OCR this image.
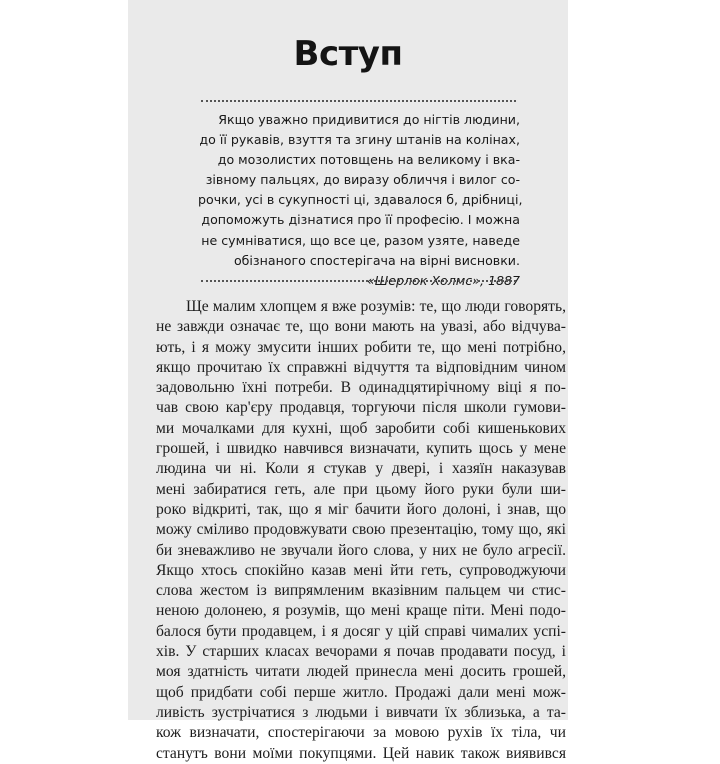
Вступ
Якщо уважно придивитися до нігтів людини,
до її рукавів, взуття та згину штанів на колінах,
до мозолистих потовщень на великому і вка-
зівному пальцях, до виразу обличчя і вилог со-
рочки, усі в сукупності ці, здавалося б, дрібниці,
допоможуть дізнатися про її професію. І можна
не сумніватися, що все це, разом узяте, наведе
обізнаного спостерігача на вірні висновки.
«Шерлок Холмс», 1887
Ще малим хлопцем я вже розумів: те, що люди говорять,
не завжди означає те, що вони мають на увазі, або відчува-
ють, і я можу змусити інших робити те, що мені потрібно,
якщо прочитаю їх справжні відчуття та відповідним чином
задовольню їхні потреби. В одинадцятирічному віці я по-
чав свою кар'єру продавця, торгуючи після школи гумови-
ми мочалками для кухні, щоб заробити собі кишенькових
грошей, і швидко навчився визначати, купить щось у мене
людина чи ні. Коли я стукав у двері, і хазяїн наказував
мені забиратися геть, але при цьому його руки були ши-
роко відкриті, так, що я міг бачити його долоні, і знав, що
можу сміливо продовжувати свою презентацію, тому що, які
би зневажливо не звучали його слова, у них не було агресії.
Якщо хтось спокійно казав мені йти геть, супроводжуючи
слова жестом із випрямленим вказівним пальцем чи стис-
неною долонею, я розумів, що мені краще піти. Мені подо-
балося бути продавцем, і я досяг у цій справі чималих успі-
хів. У старших класах вечорами я почав продавати посуд, і
моя здатність читати людей принесла мені досить грошей,
щоб придбати собі перше житло. Продажі дали мені мож-
ливість зустрічатися з людьми і вивчати їх зблизька, а та-
кож визначати, спостерігаючи за мовою рухів їх тіла, чи
станутъ вони моїми покупцями. Цей навик також виявився
